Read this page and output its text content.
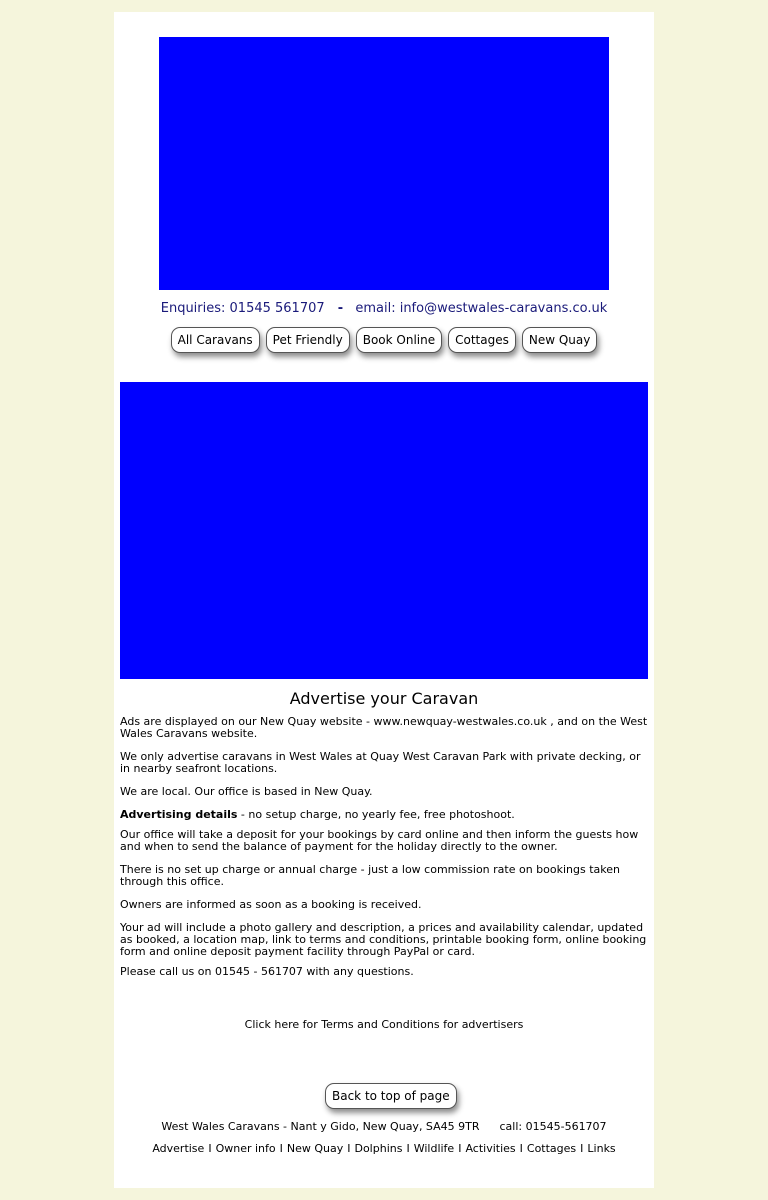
Enquiries: 01545 561707 - email: info@westwales-caravans.co.uk
All Caravans	Pet Friendly	Book Online	Cottages	New Quay
Advertise your Caravan

Ads are displayed on our New Quay website - www.newquay-westwales.co.uk , and on the West Wales Caravans website.

We only advertise caravans in West Wales at Quay West Caravan Park with private decking, or in nearby seafront locations.

We are local. Our office is based in New Quay.

Advertising details - no setup charge, no yearly fee, free photoshoot.

Our office will take a deposit for your bookings by card online and then inform the guests how and when to send the balance of payment for the holiday directly to the owner.

There is no set up charge or annual charge - just a low commission rate on bookings taken through this office.

Owners are informed as soon as a booking is received.

Your ad will include a photo gallery and description, a prices and availability calendar, updated as booked, a location map, link to terms and conditions, printable booking form, online booking form and online deposit payment facility through PayPal or card.

Please call us on 01545 - 561707 with any questions.

Click here for Terms and Conditions for advertisers
Back to top of page
West Wales Caravans - Nant y Gido, New Quay, SA45 9TR call: 01545-561707
Advertise I Owner info I New Quay I Dolphins I Wildlife I Activities I Cottages I Links
